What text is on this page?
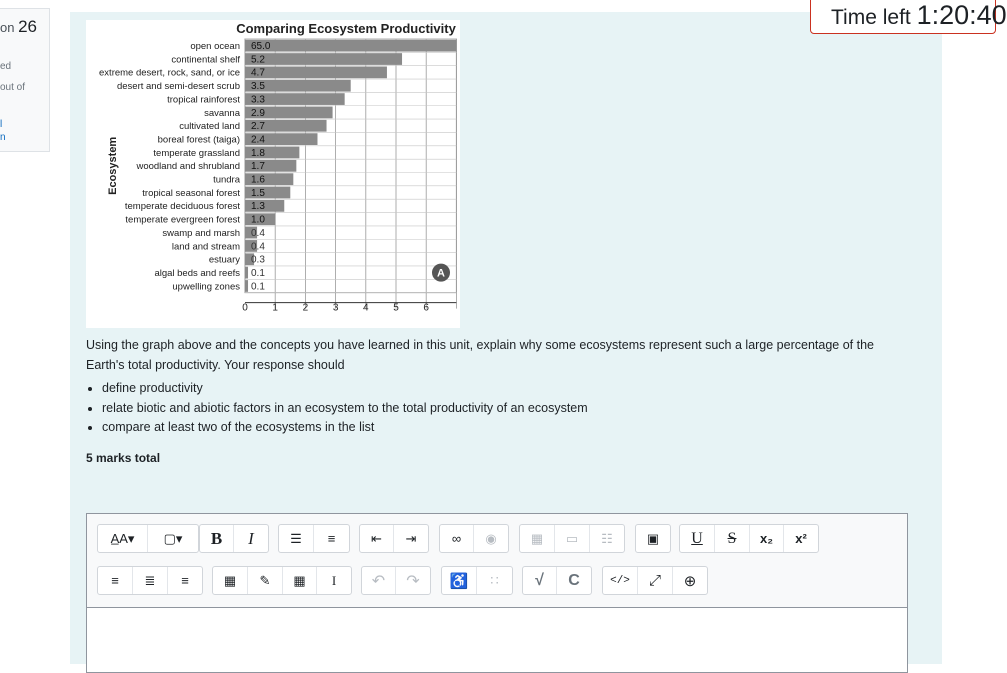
on 26
ed
out of
l
n
Time left 1:20:40
Comparing Ecosystem Productivity
open ocean 65.0
continental shelf 5.2
extreme desert, rock, sand, or ice 4.7
desert and semi-desert scrub 3.5
tropical rainforest 3.3
savanna 2.9
cultivated land 2.7
boreal forest (taiga) 2.4
temperate grassland 1.8
woodland and shrubland 1.7
tundra 1.6
tropical seasonal forest 1.5
temperate deciduous forest 1.3
temperate evergreen forest 1.0
swamp and marsh 0.4
land and stream 0.4
estuary 0.3
algal beds and reefs 0.1
upwelling zones 0.1
0 1 2 3 4 5 6
Ecosystem
A
Using the graph above and the concepts you have learned in this unit, explain why some ecosystems represent such a large percentage of the Earth's total productivity. Your response should
• define productivity
• relate biotic and abiotic factors in an ecosystem to the total productivity of an ecosystem
• compare at least two of the ecosystems in the list
5 marks total
A̲A▾	▢▾	B	I	☰	≡	⇤	⇥	∞	◉	▦	▭	☷	▣	U	S	x₂	x²
≡	≣	≡	▦	✎	▦	I	↶	↷	♿	∷	√	C	</>	⤢	⊕
